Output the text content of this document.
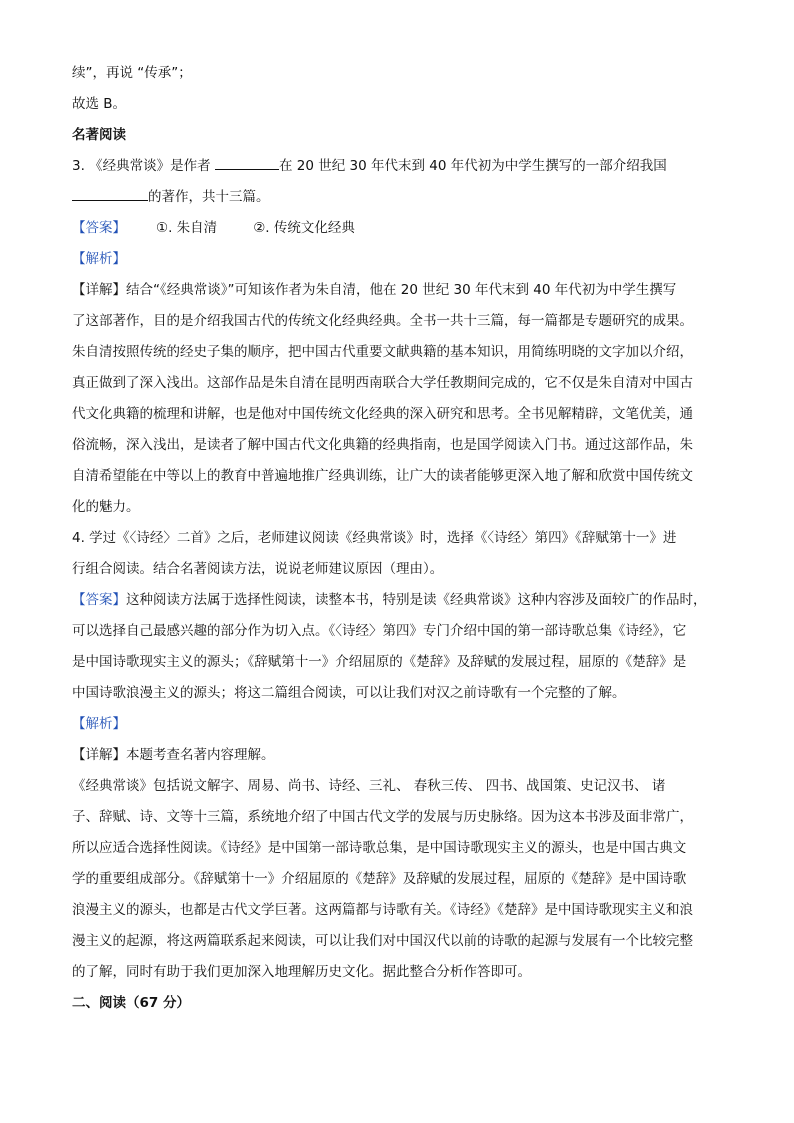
续”，再说 “传承”；
故选 B。
名著阅读
3. 《经典常谈》是作者	在 20 世纪 30 年代末到 40 年代初为中学生撰写的一部介绍我国
的著作，共十三篇。
【答案】 ①. 朱自清	②. 传统文化经典
【解析】
【详解】结合“《经典常谈》”可知该作者为朱自清，他在 20 世纪 30 年代末到 40 年代初为中学生撰写
了这部著作，目的是介绍我国古代的传统文化经典经典。全书一共十三篇，每一篇都是专题研究的成果。
朱自清按照传统的经史子集的顺序，把中国古代重要文献典籍的基本知识，用简练明晓的文字加以介绍，
真正做到了深入浅出。这部作品是朱自清在昆明西南联合大学任教期间完成的，它不仅是朱自清对中国古
代文化典籍的梳理和讲解，也是他对中国传统文化经典的深入研究和思考。全书见解精辟，文笔优美，通
俗流畅，深入浅出，是读者了解中国古代文化典籍的经典指南，也是国学阅读入门书。通过这部作品，朱
自清希望能在中等以上的教育中普遍地推广经典训练，让广大的读者能够更深入地了解和欣赏中国传统文
化的魅力。
4. 学过《〈诗经〉二首》之后，老师建议阅读《经典常谈》时，选择《〈诗经〉第四》《辞赋第十一》进
行组合阅读。结合名著阅读方法，说说老师建议原因（理由）。
【答案】这种阅读方法属于选择性阅读，读整本书，特别是读《经典常谈》这种内容涉及面较广的作品时，
可以选择自己最感兴趣的部分作为切入点。《〈诗经〉第四》专门介绍中国的第一部诗歌总集《诗经》，它
是中国诗歌现实主义的源头；《辞赋第十一》介绍屈原的《楚辞》及辞赋的发展过程，屈原的《楚辞》是
中国诗歌浪漫主义的源头；将这二篇组合阅读，可以让我们对汉之前诗歌有一个完整的了解。
【解析】
【详解】本题考查名著内容理解。
《经典常谈》包括说文解字、周易、尚书、诗经、三礼、 春秋三传、 四书、战国策、史记汉书、 诸
子、辞赋、诗、文等十三篇，系统地介绍了中国古代文学的发展与历史脉络。因为这本书涉及面非常广，
所以应适合选择性阅读。《诗经》是中国第一部诗歌总集，是中国诗歌现实主义的源头，也是中国古典文
学的重要组成部分。《辞赋第十一》介绍屈原的《楚辞》及辞赋的发展过程，屈原的《楚辞》是中国诗歌
浪漫主义的源头，也都是古代文学巨著。这两篇都与诗歌有关。《诗经》《楚辞》是中国诗歌现实主义和浪
漫主义的起源，将这两篇联系起来阅读，可以让我们对中国汉代以前的诗歌的起源与发展有一个比较完整
的了解，同时有助于我们更加深入地理解历史文化。据此整合分析作答即可。
二、阅读（67 分）
